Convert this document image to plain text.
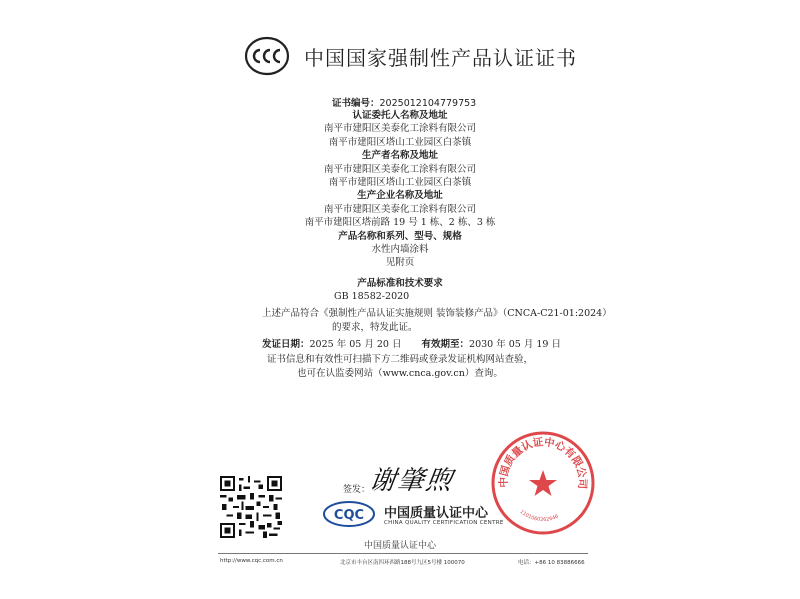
中国国家强制性产品认证证书
证书编号：2025012104779753
认证委托人名称及地址
南平市建阳区美泰化工涂料有限公司
南平市建阳区塔山工业园区白茶镇
生产者名称及地址
南平市建阳区美泰化工涂料有限公司
南平市建阳区塔山工业园区白茶镇
生产企业名称及地址
南平市建阳区美泰化工涂料有限公司
南平市建阳区塔前路 19 号 1 栋、2 栋、3 栋
产品名称和系列、型号、规格
水性内墙涂料
见附页
产品标准和技术要求
GB 18582-2020
上述产品符合《强制性产品认证实施规则 装饰装修产品》（CNCA-C21-01:2024）
的要求，特发此证。
发证日期：2025 年 05 月 20 日 有效期至：2030 年 05 月 19 日
证书信息和有效性可扫描下方二维码或登录发证机构网站查验，
也可在认监委网站（www.cnca.gov.cn）查询。
签发：
谢肇煦
CQC 中国质量认证中心
CHINA QUALITY CERTIFICATION CENTRE
中国质量认证中心有限公司
1101060262646
中国质量认证中心
http://www.cqc.com.cn	北京市丰台区南四环西路188号九区5号楼 100070	电话：+86 10 83886666
